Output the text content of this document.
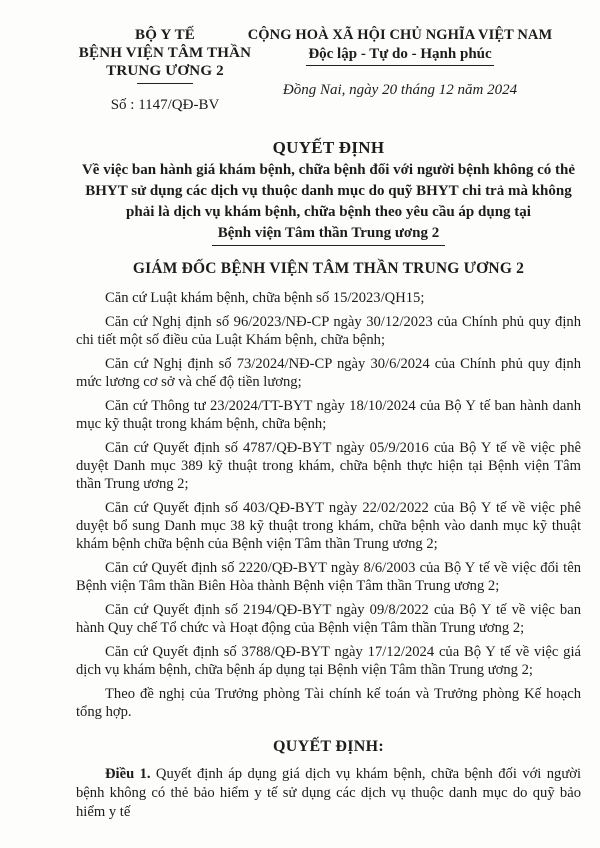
BỘ Y TẾ
BỆNH VIỆN TÂM THẦN
TRUNG ƯƠNG 2
Số : 1147/QĐ-BV
CỘNG HOÀ XÃ HỘI CHỦ NGHĨA VIỆT NAM
Độc lập - Tự do - Hạnh phúc
Đồng Nai, ngày 20 tháng 12 năm 2024
QUYẾT ĐỊNH
Về việc ban hành giá khám bệnh, chữa bệnh đối với người bệnh không có thẻ BHYT sử dụng các dịch vụ thuộc danh mục do quỹ BHYT chi trả mà không phải là dịch vụ khám bệnh, chữa bệnh theo yêu cầu áp dụng tại
Bệnh viện Tâm thần Trung ương 2
GIÁM ĐỐC BỆNH VIỆN TÂM THẦN TRUNG ƯƠNG 2

Căn cứ Luật khám bệnh, chữa bệnh số 15/2023/QH15;

Căn cứ Nghị định số 96/2023/NĐ-CP ngày 30/12/2023 của Chính phủ quy định chi tiết một số điều của Luật Khám bệnh, chữa bệnh;

Căn cứ Nghị định số 73/2024/NĐ-CP ngày 30/6/2024 của Chính phủ quy định mức lương cơ sở và chế độ tiền lương;

Căn cứ Thông tư 23/2024/TT-BYT ngày 18/10/2024 của Bộ Y tế ban hành danh mục kỹ thuật trong khám bệnh, chữa bệnh;

Căn cứ Quyết định số 4787/QĐ-BYT ngày 05/9/2016 của Bộ Y tế về việc phê duyệt Danh mục 389 kỹ thuật trong khám, chữa bệnh thực hiện tại Bệnh viện Tâm thần Trung ương 2;

Căn cứ Quyết định số 403/QĐ-BYT ngày 22/02/2022 của Bộ Y tế về việc phê duyệt bổ sung Danh mục 38 kỹ thuật trong khám, chữa bệnh vào danh mục kỹ thuật khám bệnh chữa bệnh của Bệnh viện Tâm thần Trung ương 2;

Căn cứ Quyết định số 2220/QĐ-BYT ngày 8/6/2003 của Bộ Y tế về việc đổi tên Bệnh viện Tâm thần Biên Hòa thành Bệnh viện Tâm thần Trung ương 2;

Căn cứ Quyết định số 2194/QĐ-BYT ngày 09/8/2022 của Bộ Y tế về việc ban hành Quy chế Tổ chức và Hoạt động của Bệnh viện Tâm thần Trung ương 2;

Căn cứ Quyết định số 3788/QĐ-BYT ngày 17/12/2024 của Bộ Y tế về việc giá dịch vụ khám bệnh, chữa bệnh áp dụng tại Bệnh viện Tâm thần Trung ương 2;

Theo đề nghị của Trưởng phòng Tài chính kế toán và Trưởng phòng Kế hoạch tổng hợp.

QUYẾT ĐỊNH:

Điều 1. Quyết định áp dụng giá dịch vụ khám bệnh, chữa bệnh đối với người bệnh không có thẻ bảo hiểm y tế sử dụng các dịch vụ thuộc danh mục do quỹ bảo hiểm y tế
